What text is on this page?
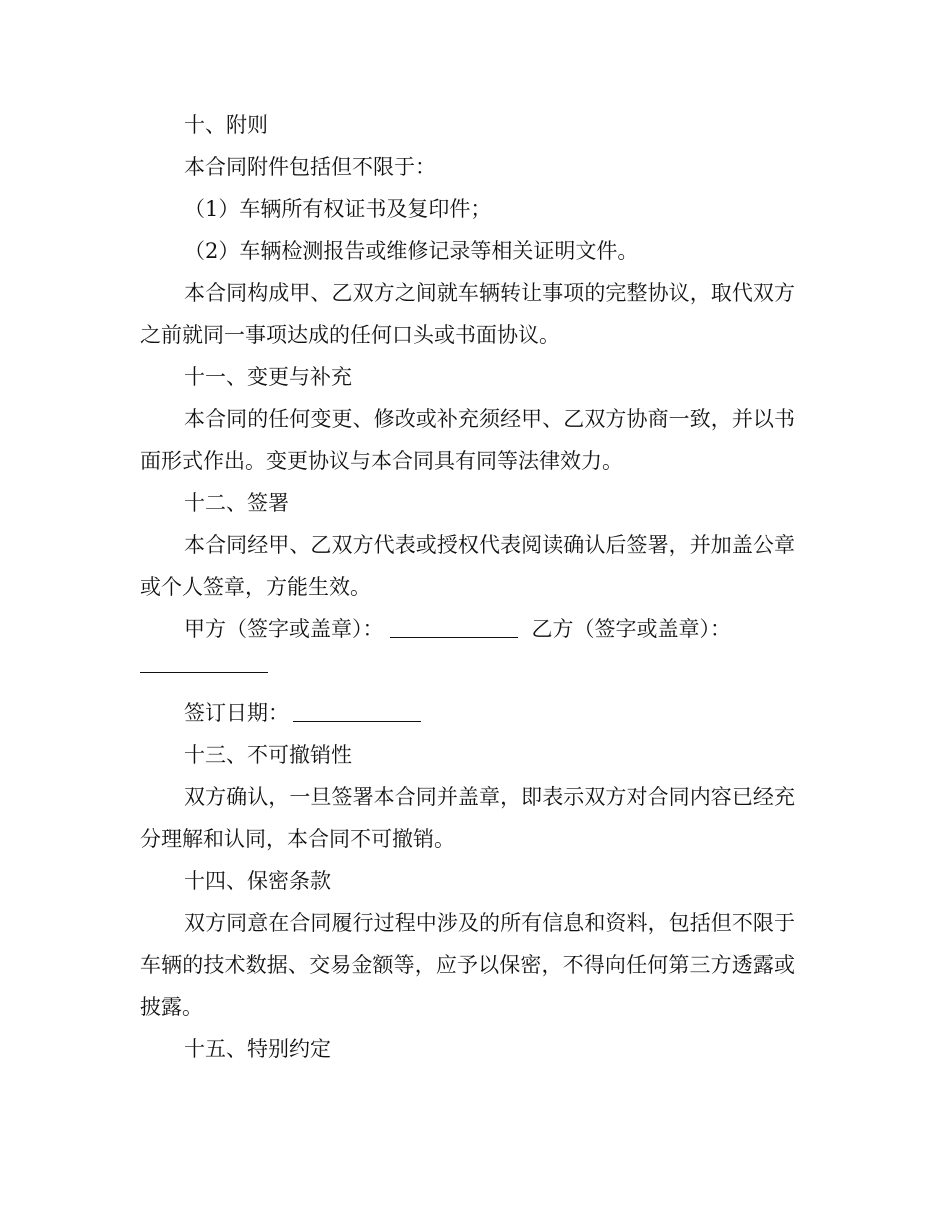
十、附则

本合同附件包括但不限于：

（1）车辆所有权证书及复印件；

（2）车辆检测报告或维修记录等相关证明文件。

本合同构成甲、乙双方之间就车辆转让事项的完整协议，取代双方之前就同一事项达成的任何口头或书面协议。

十一、变更与补充

本合同的任何变更、修改或补充须经甲、乙双方协商一致，并以书面形式作出。变更协议与本合同具有同等法律效力。

十二、签署

本合同经甲、乙双方代表或授权代表阅读确认后签署，并加盖公章或个人签章，方能生效。

甲方（签字或盖章）：	乙方（签字或盖章）：
签订日期：

十三、不可撤销性

双方确认，一旦签署本合同并盖章，即表示双方对合同内容已经充分理解和认同，本合同不可撤销。

十四、保密条款

双方同意在合同履行过程中涉及的所有信息和资料，包括但不限于车辆的技术数据、交易金额等，应予以保密，不得向任何第三方透露或披露。

十五、特别约定
